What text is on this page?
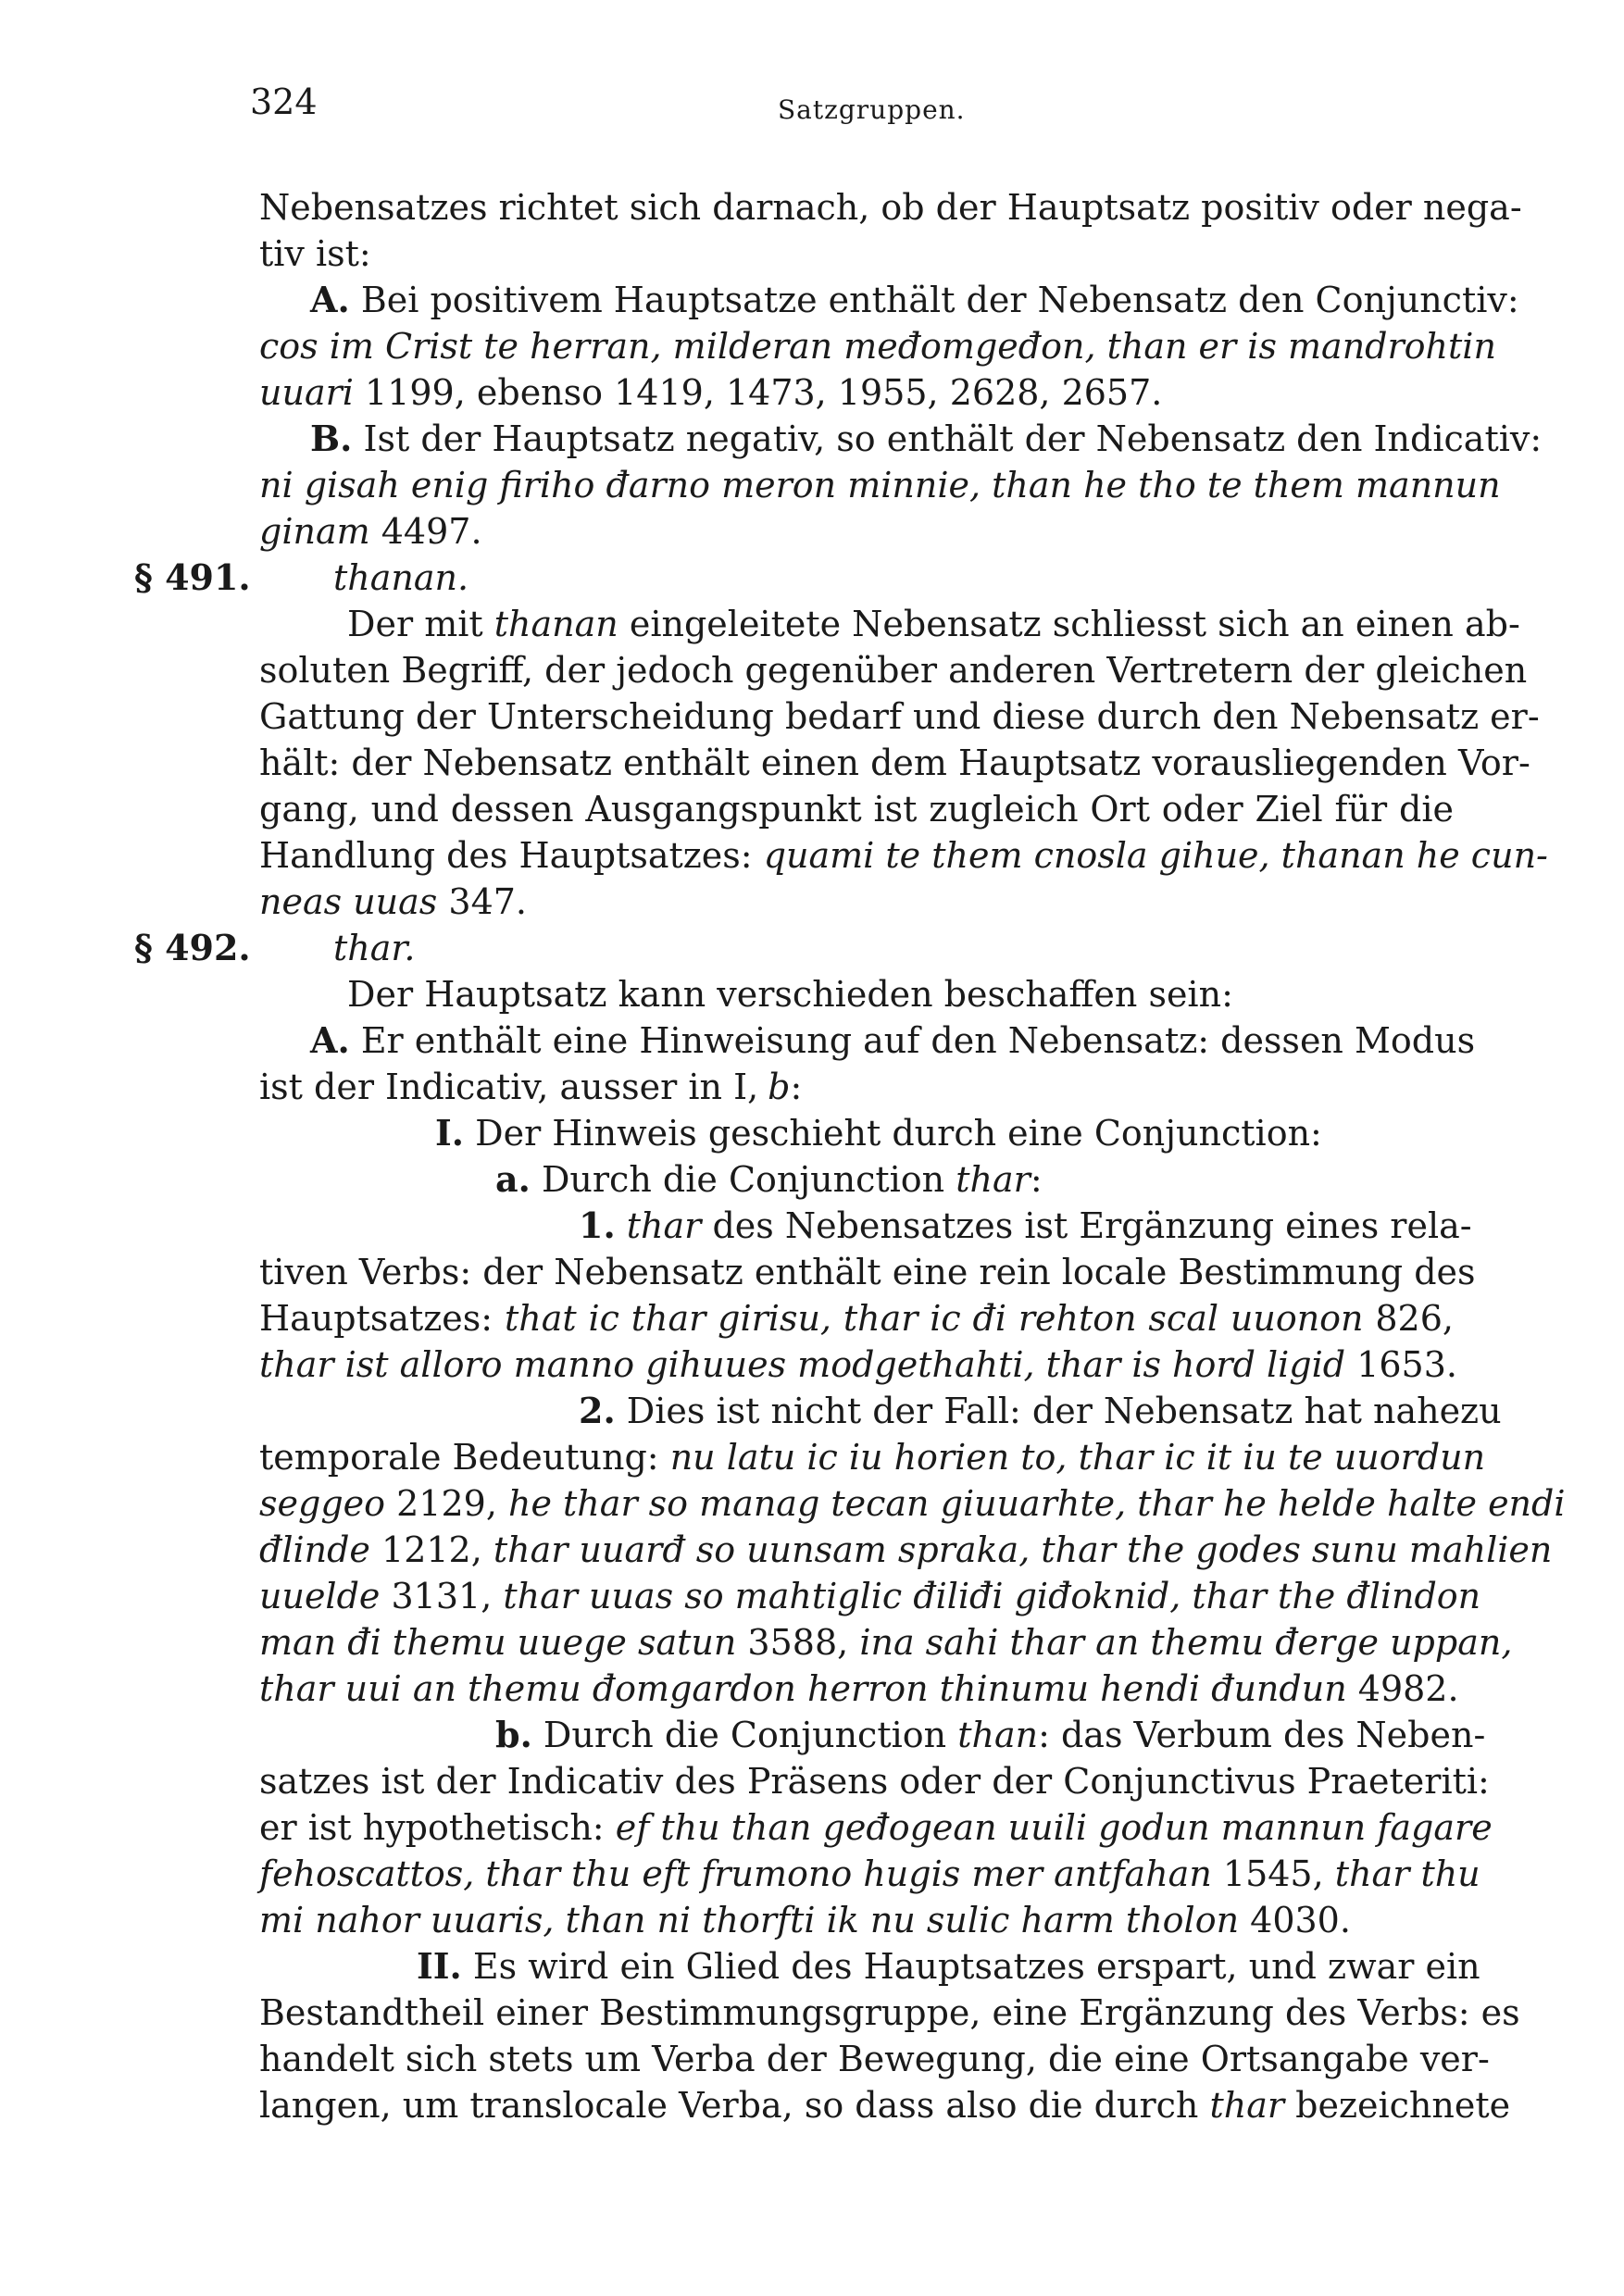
324	Satzgruppen.
Nebensatzes richtet sich darnach, ob der Hauptsatz positiv oder nega-
tiv ist:
A. Bei positivem Hauptsatze enthält der Nebensatz den Conjunctiv:
cos im Crist te herran, milderan međomgeđon, than er is mandrohtin
uuari 1199, ebenso 1419, 1473, 1955, 2628, 2657.
B. Ist der Hauptsatz negativ, so enthält der Nebensatz den Indicativ:
ni gisah enig firiho đarno meron minnie, than he tho te them mannun
ginam 4497.
§ 491. thanan.
Der mit thanan eingeleitete Nebensatz schliesst sich an einen ab-
soluten Begriff, der jedoch gegenüber anderen Vertretern der gleichen
Gattung der Unterscheidung bedarf und diese durch den Nebensatz er-
hält: der Nebensatz enthält einen dem Hauptsatz vorausliegenden Vor-
gang, und dessen Ausgangspunkt ist zugleich Ort oder Ziel für die
Handlung des Hauptsatzes: quami te them cnosla gihue, thanan he cun-
neas uuas 347.
§ 492. thar.
Der Hauptsatz kann verschieden beschaffen sein:
A. Er enthält eine Hinweisung auf den Nebensatz: dessen Modus
ist der Indicativ, ausser in I, b:
I. Der Hinweis geschieht durch eine Conjunction:
a. Durch die Conjunction thar:
1. thar des Nebensatzes ist Ergänzung eines rela-
tiven Verbs: der Nebensatz enthält eine rein locale Bestimmung des
Hauptsatzes: that ic thar girisu, thar ic đi rehton scal uuonon 826,
thar ist alloro manno gihuues modgethahti, thar is hord ligid 1653.
2. Dies ist nicht der Fall: der Nebensatz hat nahezu
temporale Bedeutung: nu latu ic iu horien to, thar ic it iu te uuordun
seggeo 2129, he thar so manag tecan giuuarhte, thar he helde halte endi
đlinde 1212, thar uuarđ so uunsam spraka, thar the godes sunu mahlien
uuelde 3131, thar uuas so mahtiglic điliđi giđoknid, thar the đlindon
man đi themu uuege satun 3588, ina sahi thar an themu đerge uppan,
thar uui an themu đomgardon herron thinumu hendi đundun 4982.
b. Durch die Conjunction than: das Verbum des Neben-
satzes ist der Indicativ des Präsens oder der Conjunctivus Praeteriti:
er ist hypothetisch: ef thu than geđogean uuili godun mannun fagare
fehoscattos, thar thu eft frumono hugis mer antfahan 1545, thar thu
mi nahor uuaris, than ni thorfti ik nu sulic harm tholon 4030.
II. Es wird ein Glied des Hauptsatzes erspart, und zwar ein
Bestandtheil einer Bestimmungsgruppe, eine Ergänzung des Verbs: es
handelt sich stets um Verba der Bewegung, die eine Ortsangabe ver-
langen, um translocale Verba, so dass also die durch thar bezeichnete
